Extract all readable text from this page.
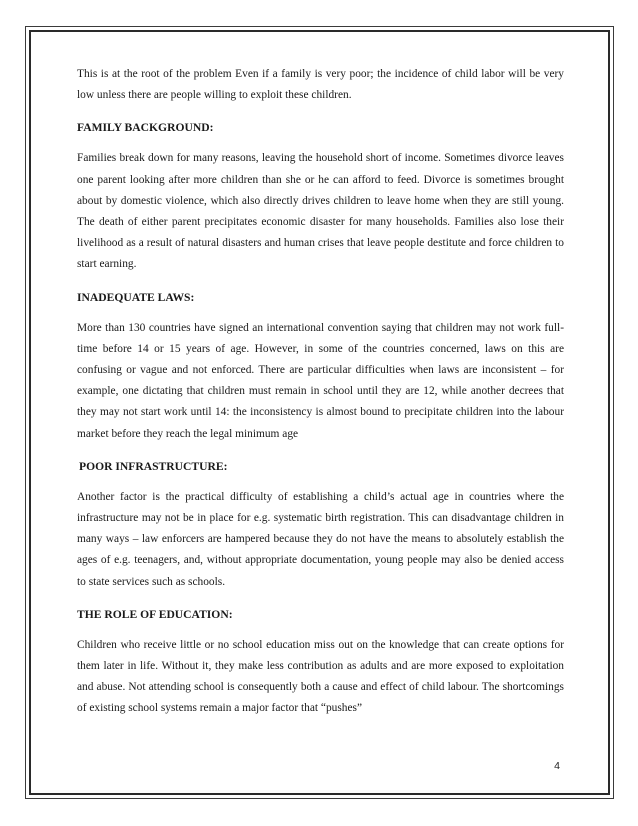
This is at the root of the problem Even if a family is very poor; the incidence of child labor will be very low unless there are people willing to exploit these children.

FAMILY BACKGROUND:

Families break down for many reasons, leaving the household short of income. Sometimes divorce leaves one parent looking after more children than she or he can afford to feed. Divorce is sometimes brought about by domestic violence, which also directly drives children to leave home when they are still young. The death of either parent precipitates economic disaster for many households. Families also lose their livelihood as a result of natural disasters and human crises that leave people destitute and force children to start earning.

INADEQUATE LAWS:

More than 130 countries have signed an international convention saying that children may not work full-time before 14 or 15 years of age. However, in some of the countries concerned, laws on this are confusing or vague and not enforced. There are particular difficulties when laws are inconsistent – for example, one dictating that children must remain in school until they are 12, while another decrees that they may not start work until 14: the inconsistency is almost bound to precipitate children into the labour market before they reach the legal minimum age

POOR INFRASTRUCTURE:

Another factor is the practical difficulty of establishing a child’s actual age in countries where the infrastructure may not be in place for e.g. systematic birth registration. This can disadvantage children in many ways – law enforcers are hampered because they do not have the means to absolutely establish the ages of e.g. teenagers, and, without appropriate documentation, young people may also be denied access to state services such as schools.

THE ROLE OF EDUCATION:

Children who receive little or no school education miss out on the knowledge that can create options for them later in life. Without it, they make less contribution as adults and are more exposed to exploitation and abuse. Not attending school is consequently both a cause and effect of child labour. The shortcomings of existing school systems remain a major factor that “pushes”

4
